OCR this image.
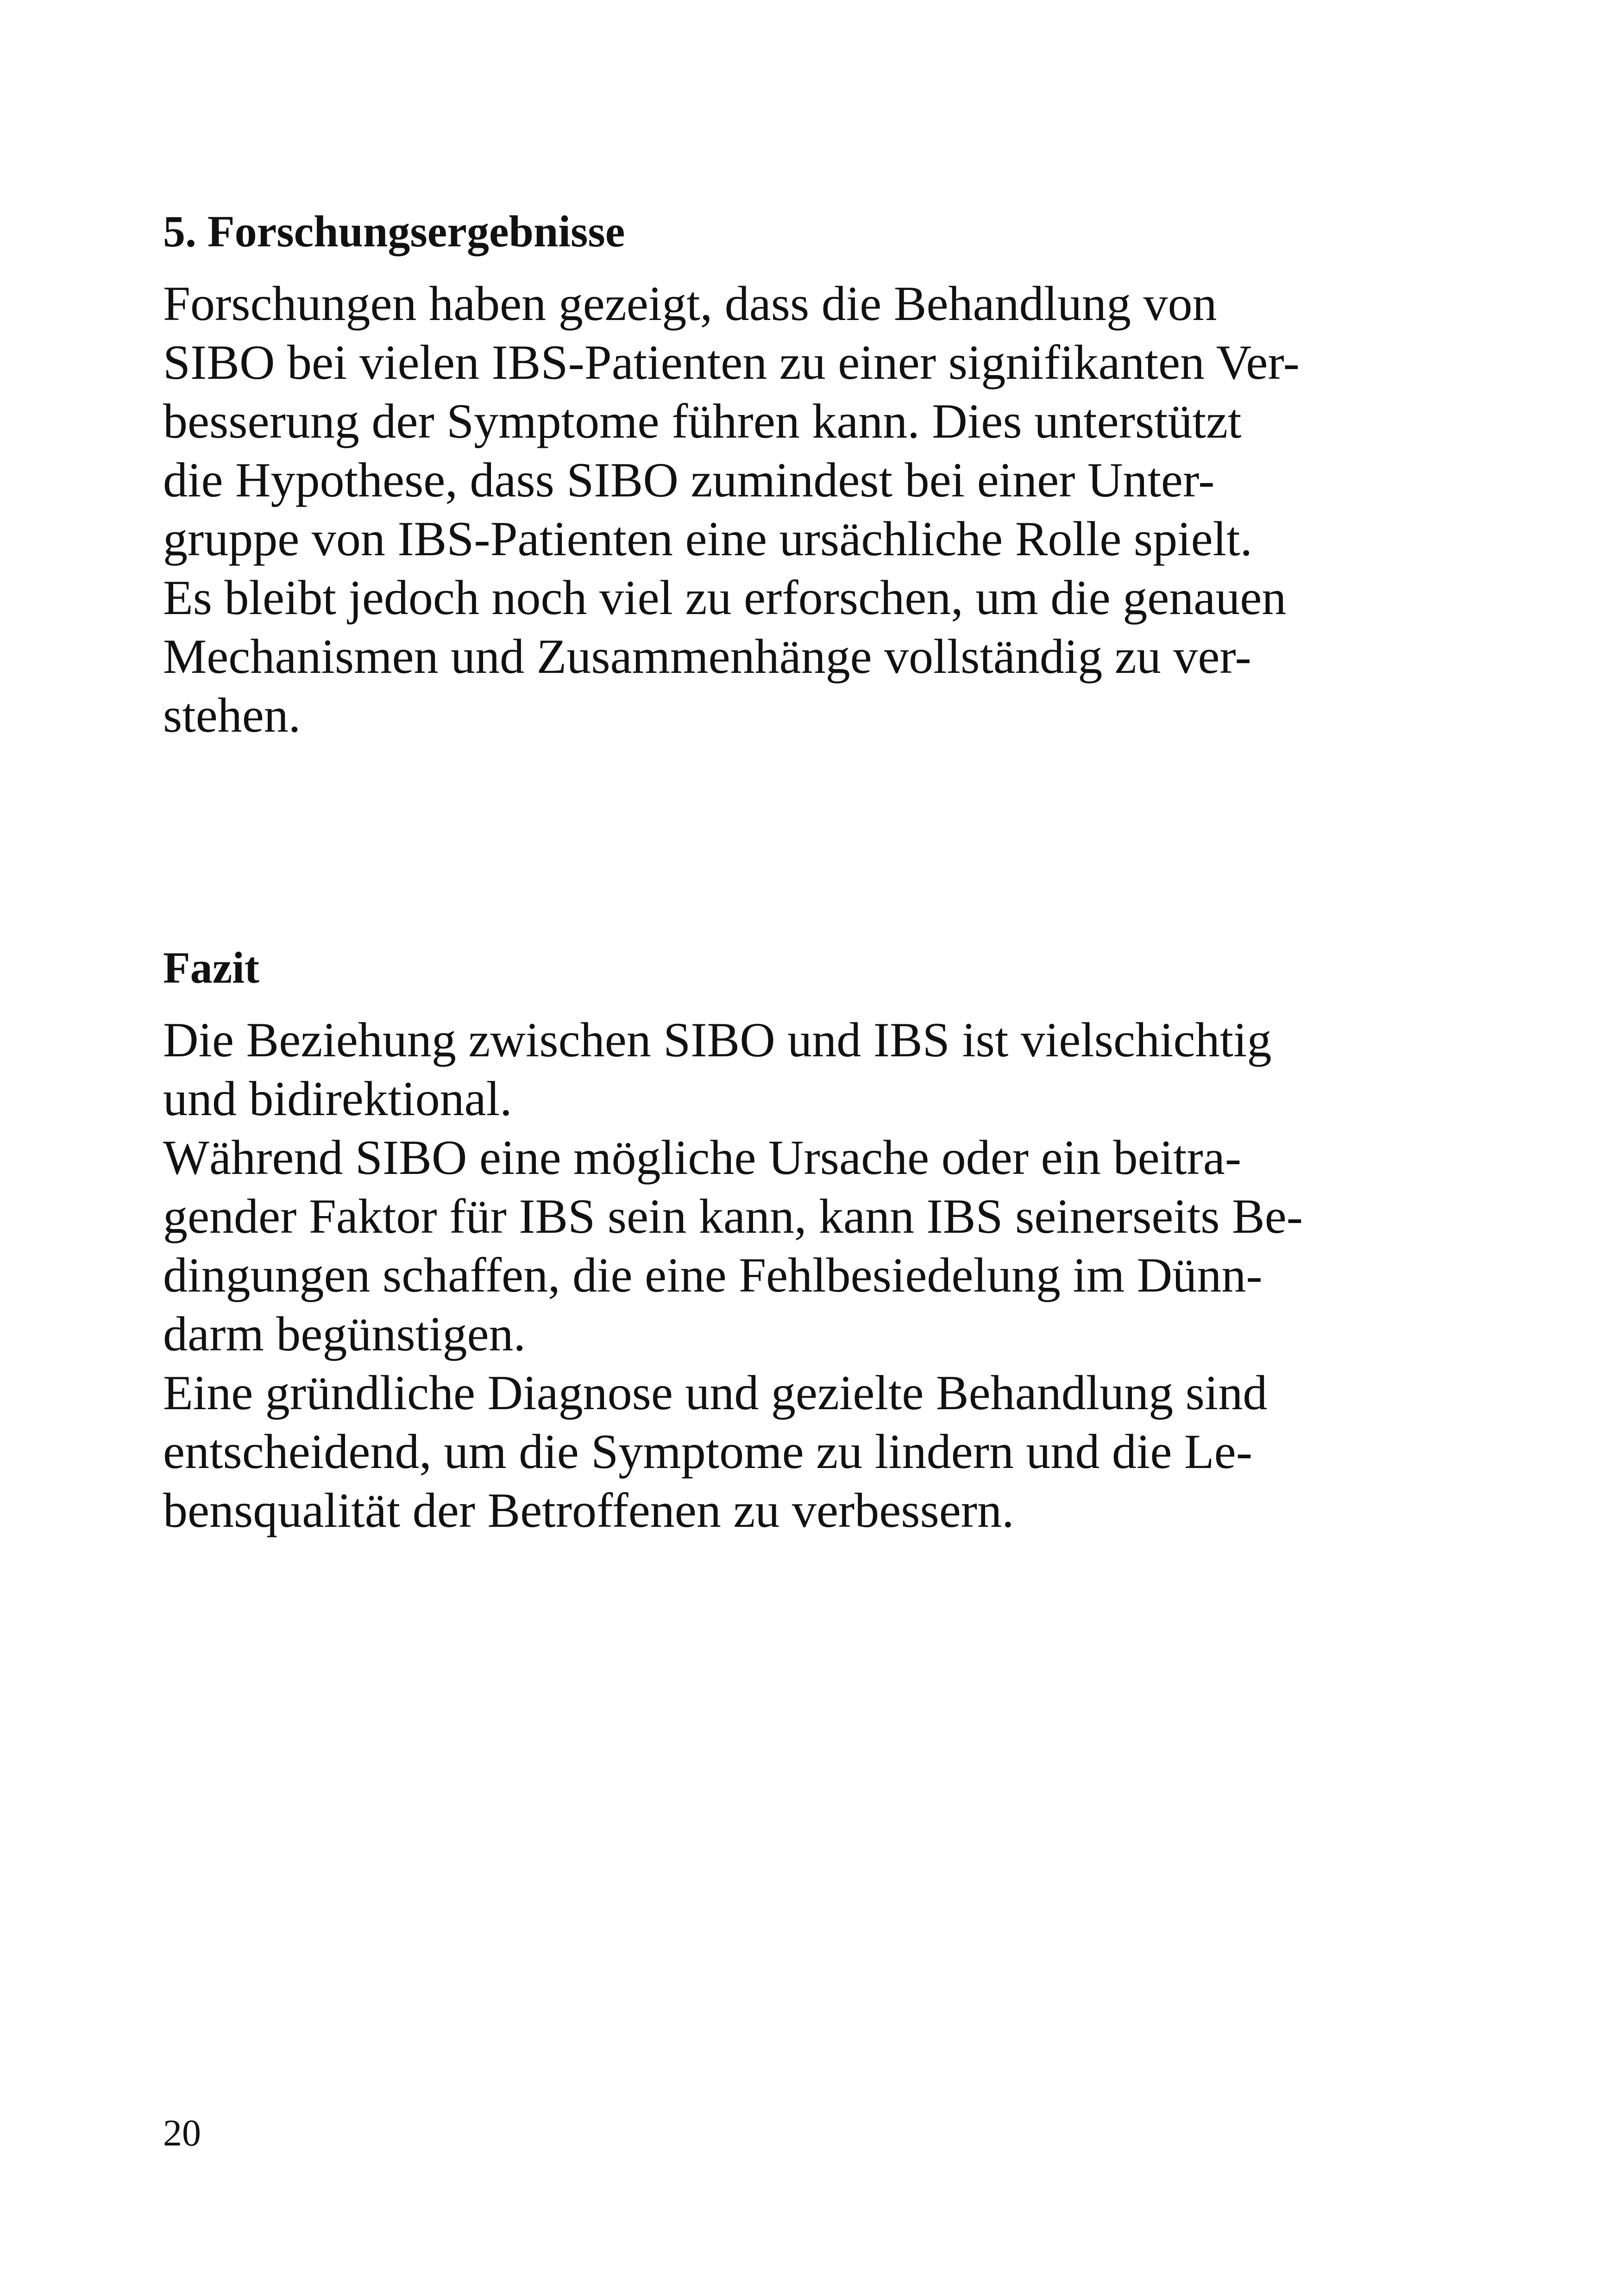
5. Forschungsergebnisse
Forschungen haben gezeigt, dass die Behandlung von
SIBO bei vielen IBS-Patienten zu einer signifikanten Ver-
besserung der Symptome führen kann. Dies unterstützt
die Hypothese, dass SIBO zumindest bei einer Unter-
gruppe von IBS-Patienten eine ursächliche Rolle spielt.
Es bleibt jedoch noch viel zu erforschen, um die genauen
Mechanismen und Zusammenhänge vollständig zu ver-
stehen.
Fazit
Die Beziehung zwischen SIBO und IBS ist vielschichtig
und bidirektional.
Während SIBO eine mögliche Ursache oder ein beitra-
gender Faktor für IBS sein kann, kann IBS seinerseits Be-
dingungen schaffen, die eine Fehlbesiedelung im Dünn-
darm begünstigen.
Eine gründliche Diagnose und gezielte Behandlung sind
entscheidend, um die Symptome zu lindern und die Le-
bensqualität der Betroffenen zu verbessern.
20
